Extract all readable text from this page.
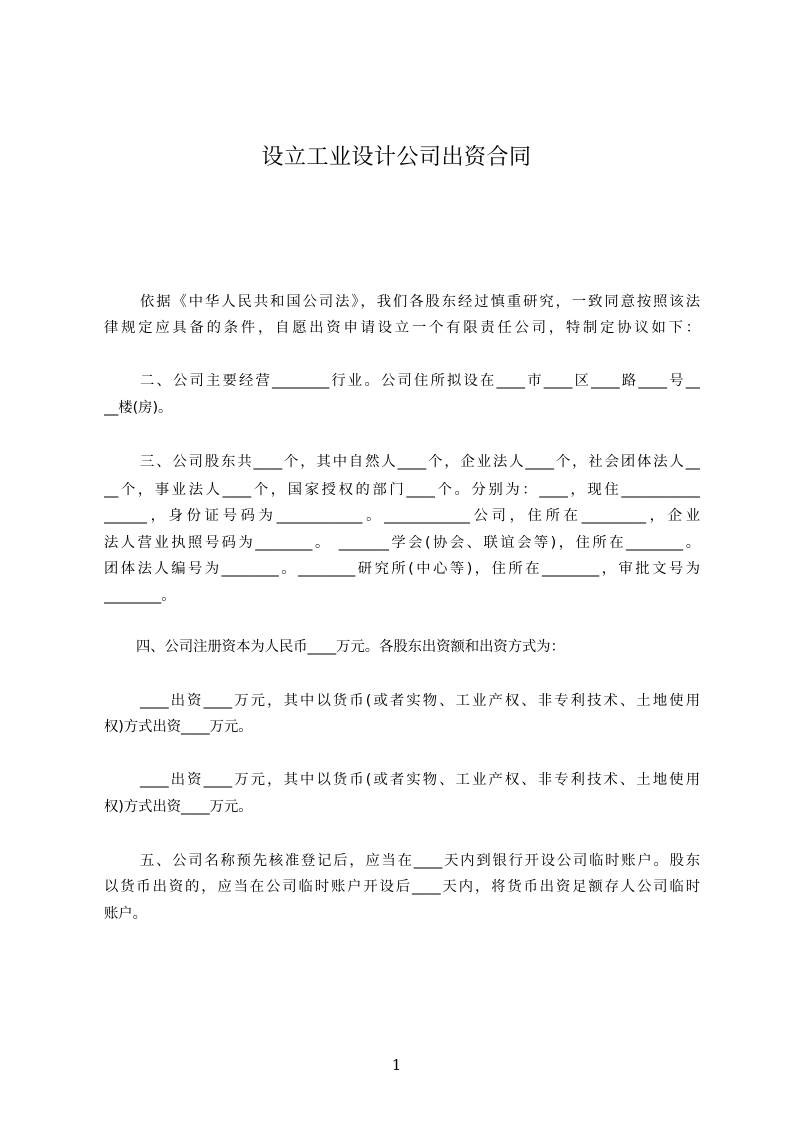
设立工业设计公司出资合同
依据《中华人民共和国公司法》，我们各股东经过慎重研究，一致同意按照该法
律规定应具备的条件，自愿出资申请设立一个有限责任公司，特制定协议如下：
二、公司主要经营________行业。公司住所拟设在____市____区____路____号__
__楼(房)。
三、公司股东共____个，其中自然人____个，企业法人____个，社会团体法人__
__个，事业法人____个，国家授权的部门____个。分别为：____，现住___________
______，身份证号码为____________。____________公司，住所在_________，企业
法人营业执照号码为________。 _______学会(协会、联谊会等)，住所在________。
团体法人编号为________。________研究所(中心等)，住所在________，审批文号为
________。
四、公司注册资本为人民币____万元。各股东出资额和出资方式为：
____出资____万元，其中以货币(或者实物、工业产权、非专利技术、土地使用
权)方式出资____万元。
____出资____万元，其中以货币(或者实物、工业产权、非专利技术、土地使用
权)方式出资____万元。
五、公司名称预先核准登记后，应当在____天内到银行开设公司临时账户。股东
以货币出资的，应当在公司临时账户开设后____天内，将货币出资足额存人公司临时
账户。
1
